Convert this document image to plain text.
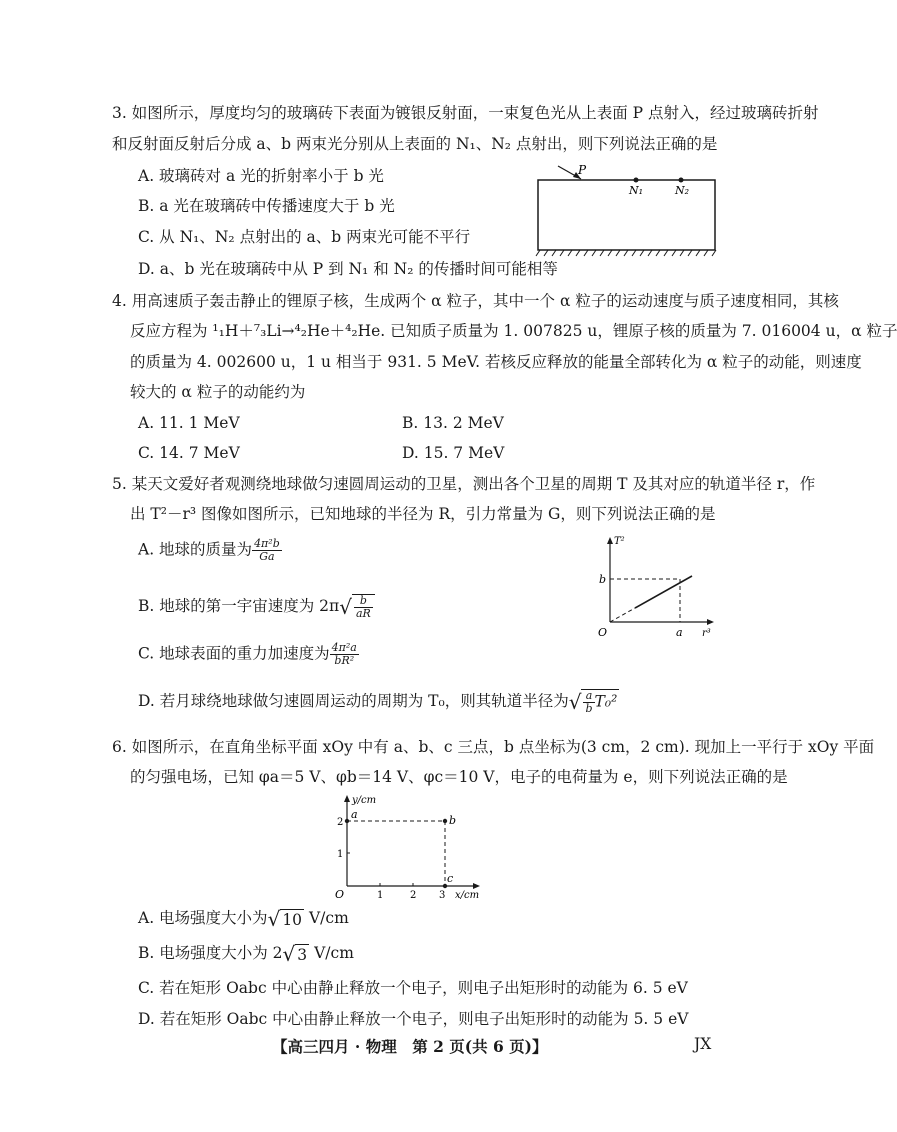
3. 如图所示，厚度均匀的玻璃砖下表面为镀银反射面，一束复色光从上表面 P 点射入，经过玻璃砖折射
和反射面反射后分成 a、b 两束光分别从上表面的 N₁、N₂ 点射出，则下列说法正确的是
A. 玻璃砖对 a 光的折射率小于 b 光
B. a 光在玻璃砖中传播速度大于 b 光
C. 从 N₁、N₂ 点射出的 a、b 两束光可能不平行
D. a、b 光在玻璃砖中从 P 到 N₁ 和 N₂ 的传播时间可能相等
P
N₁	N₂
4. 用高速质子轰击静止的锂原子核，生成两个 α 粒子，其中一个 α 粒子的运动速度与质子速度相同，其核
反应方程为 ¹₁H＋⁷₃Li→⁴₂He＋⁴₂He. 已知质子质量为 1. 007825 u，锂原子核的质量为 7. 016004 u，α 粒子
的质量为 4. 002600 u，1 u 相当于 931. 5 MeV. 若核反应释放的能量全部转化为 α 粒子的动能，则速度
较大的 α 粒子的动能约为
A. 11. 1 MeV	B. 13. 2 MeV
C. 14. 7 MeV	D. 15. 7 MeV
5. 某天文爱好者观测绕地球做匀速圆周运动的卫星，测出各个卫星的周期 T 及其对应的轨道半径 r，作
出 T²－r³ 图像如图所示，已知地球的半径为 R，引力常量为 G，则下列说法正确的是
A. 地球的质量为 $\frac{\text{4π²b}}{Ga}$
B. 地球的第一宇宙速度为 $2\pi√ \frac{b}{aR}$
C. 地球表面的重力加速度为 $\frac{\text{4π²a}}{\text{bR²}}$
D. 若月球绕地球做匀速圆周运动的周期为 T₀，则其轨道半径为√ $\frac{a}{b} T_0^2$
T²
r³
O
b
a
6. 如图所示，在直角坐标平面 xOy 中有 a、b、c 三点，b 点坐标为(3 cm，2 cm). 现加上一平行于 xOy 平面
的匀强电场，已知 φa＝5 V、φb＝14 V、φc＝10 V，电子的电荷量为 e，则下列说法正确的是
y/cm
x/cm
O
a	b
c
1	2 3
1
2
A. 电场强度大小为√ 10 V/cm
B. 电场强度大小为 2√ 3 V/cm
C. 若在矩形 Oabc 中心由静止释放一个电子，则电子出矩形时的动能为 6. 5 eV
D. 若在矩形 Oabc 中心由静止释放一个电子，则电子出矩形时的动能为 5. 5 eV
【高三四月 · 物理　第 2 页(共 6 页)】	JX
